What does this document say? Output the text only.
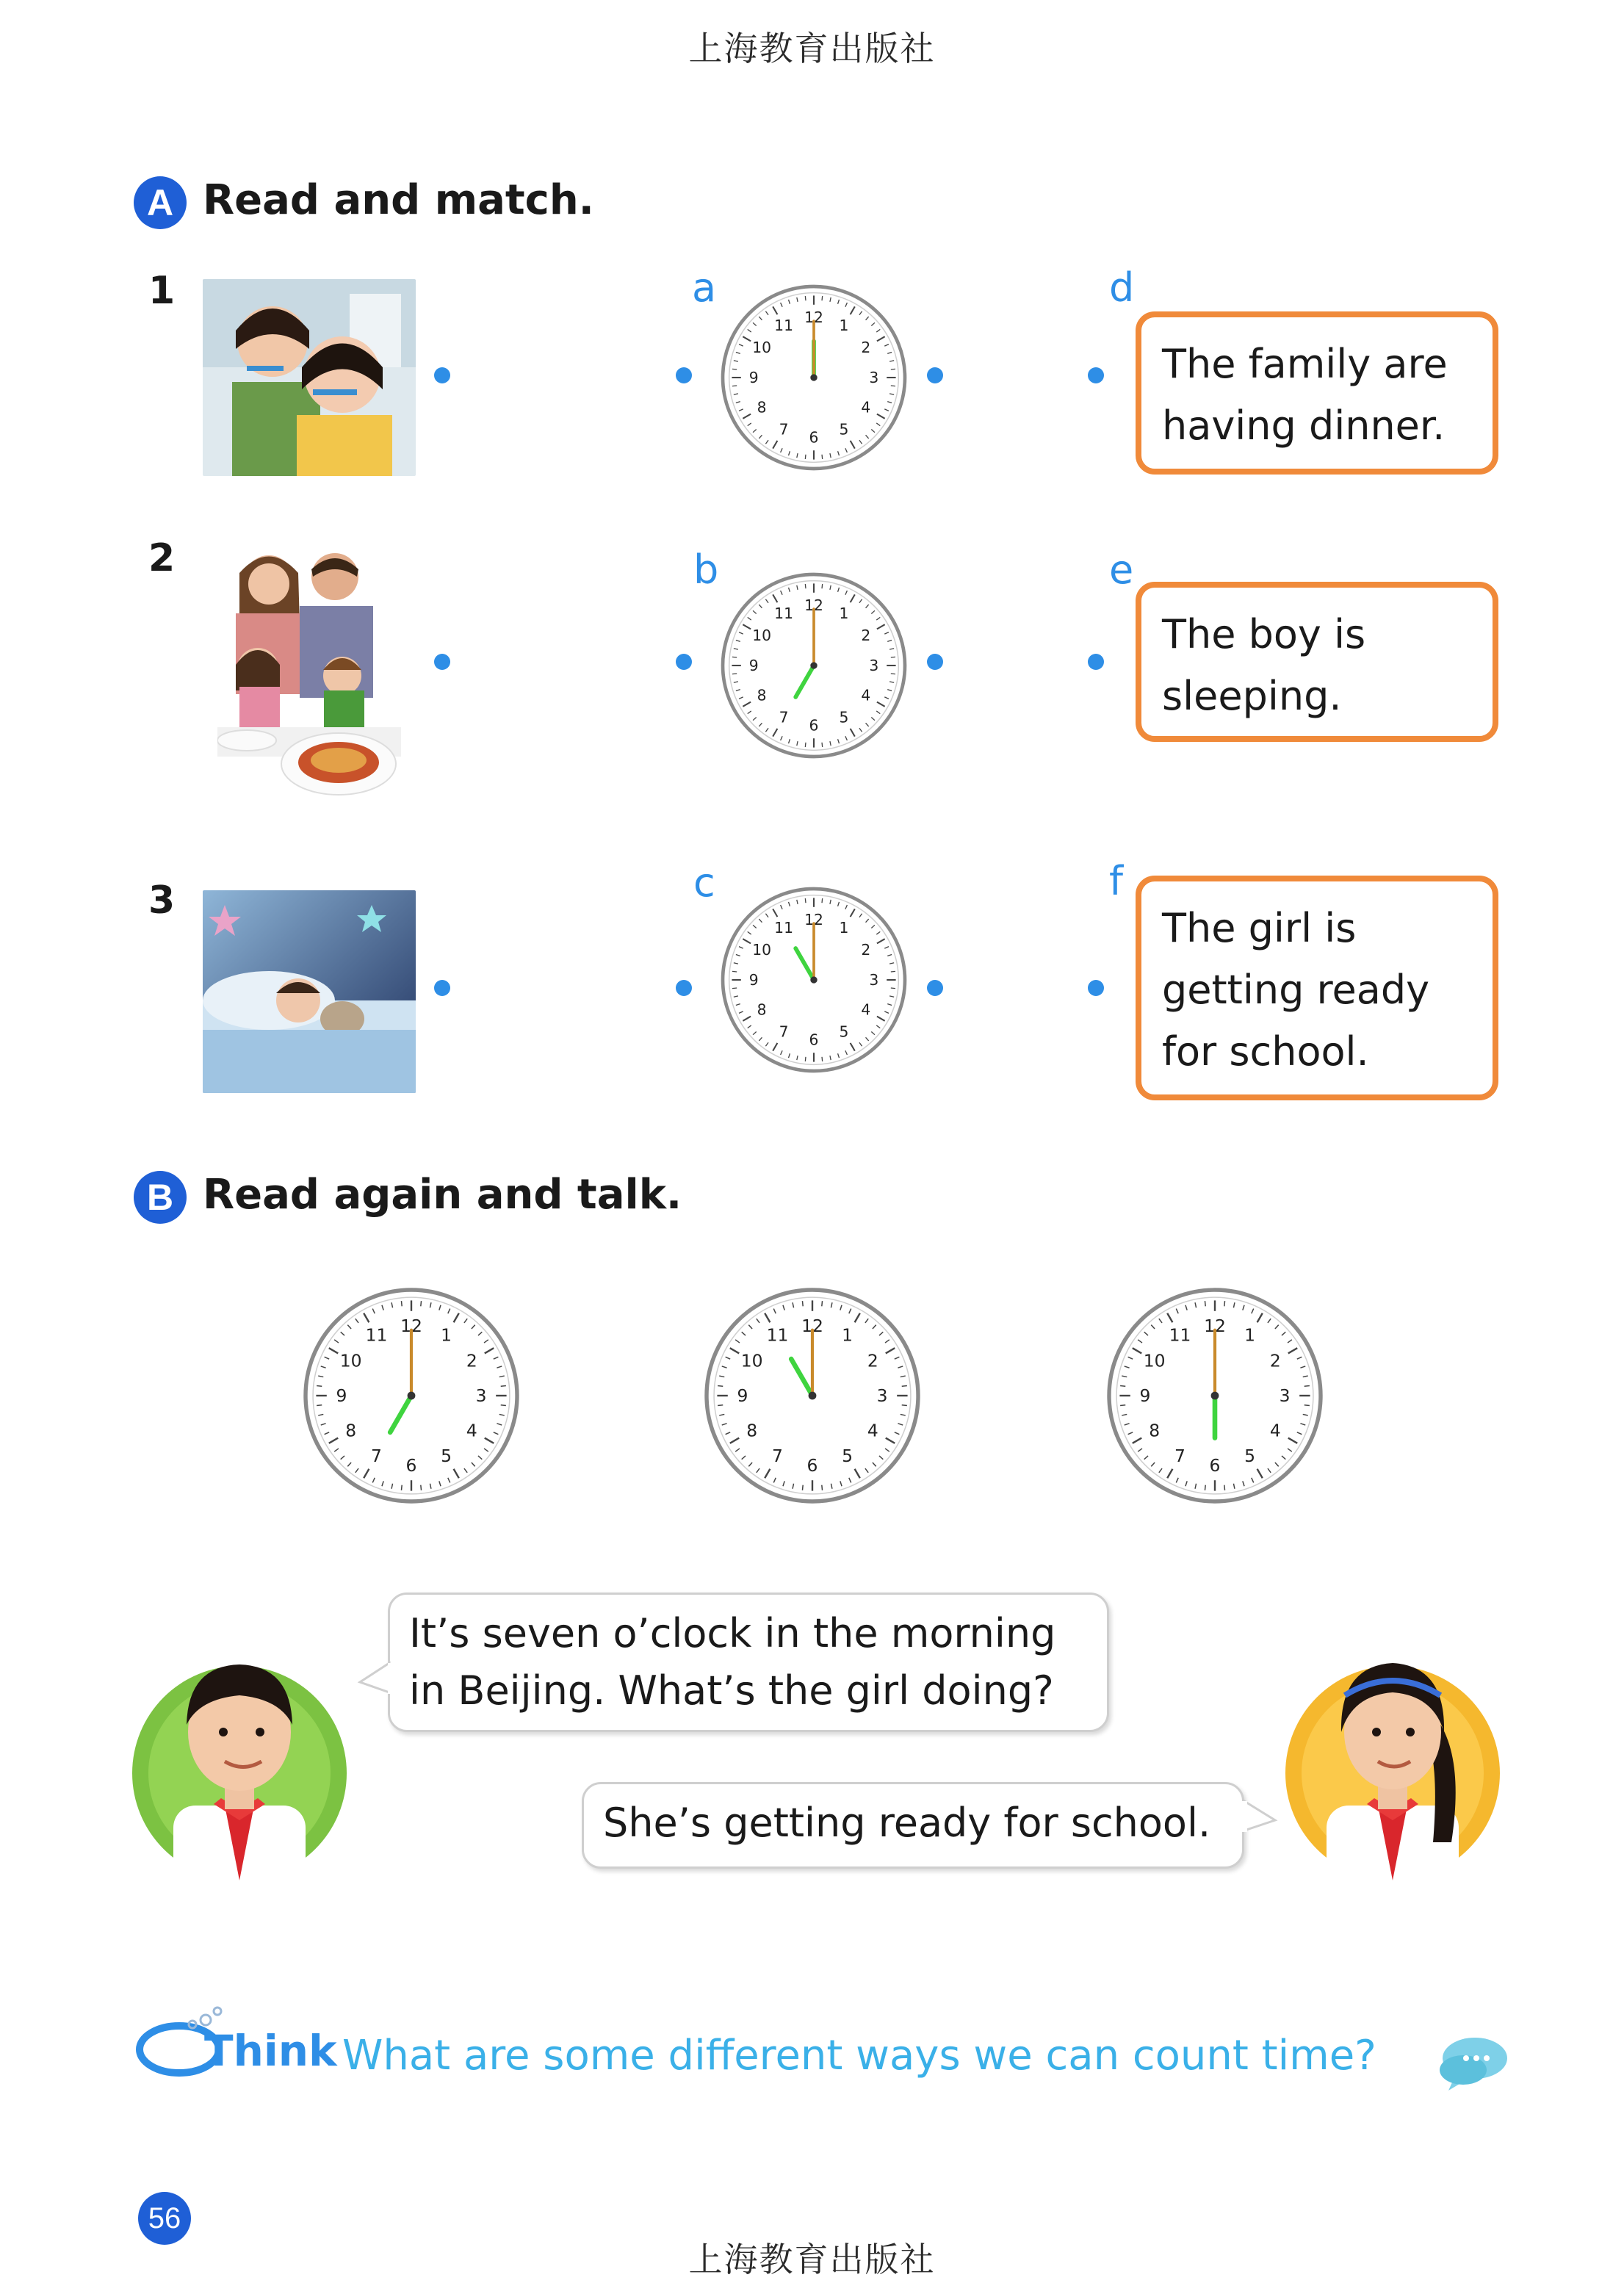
上海教育出版社
A Read and match.
1	a
1
2
3
4
5
6
7
8
9
10
11 12
d
The family are
having dinner.
2	b
1
2
3
4
5
6
7
8
9
10
11 12
e
The boy is
sleeping.
3	c
1
2
3
4
5
6
7
8
9
10
11 12
f
The girl is
getting ready
for school.
B Read again and talk.
1
2
3
4
5
6
7
8
9
10
11 12	1
2
3
4
5
6
7
8
9
10
11 12	1
2
3
4
5
6
7
8
9
10
11 12
It’s seven o’clock in the morning
in Beijing. What’s the girl doing?
She’s getting ready for school.
Think What are some different ways we can count time?
56
上海教育出版社
